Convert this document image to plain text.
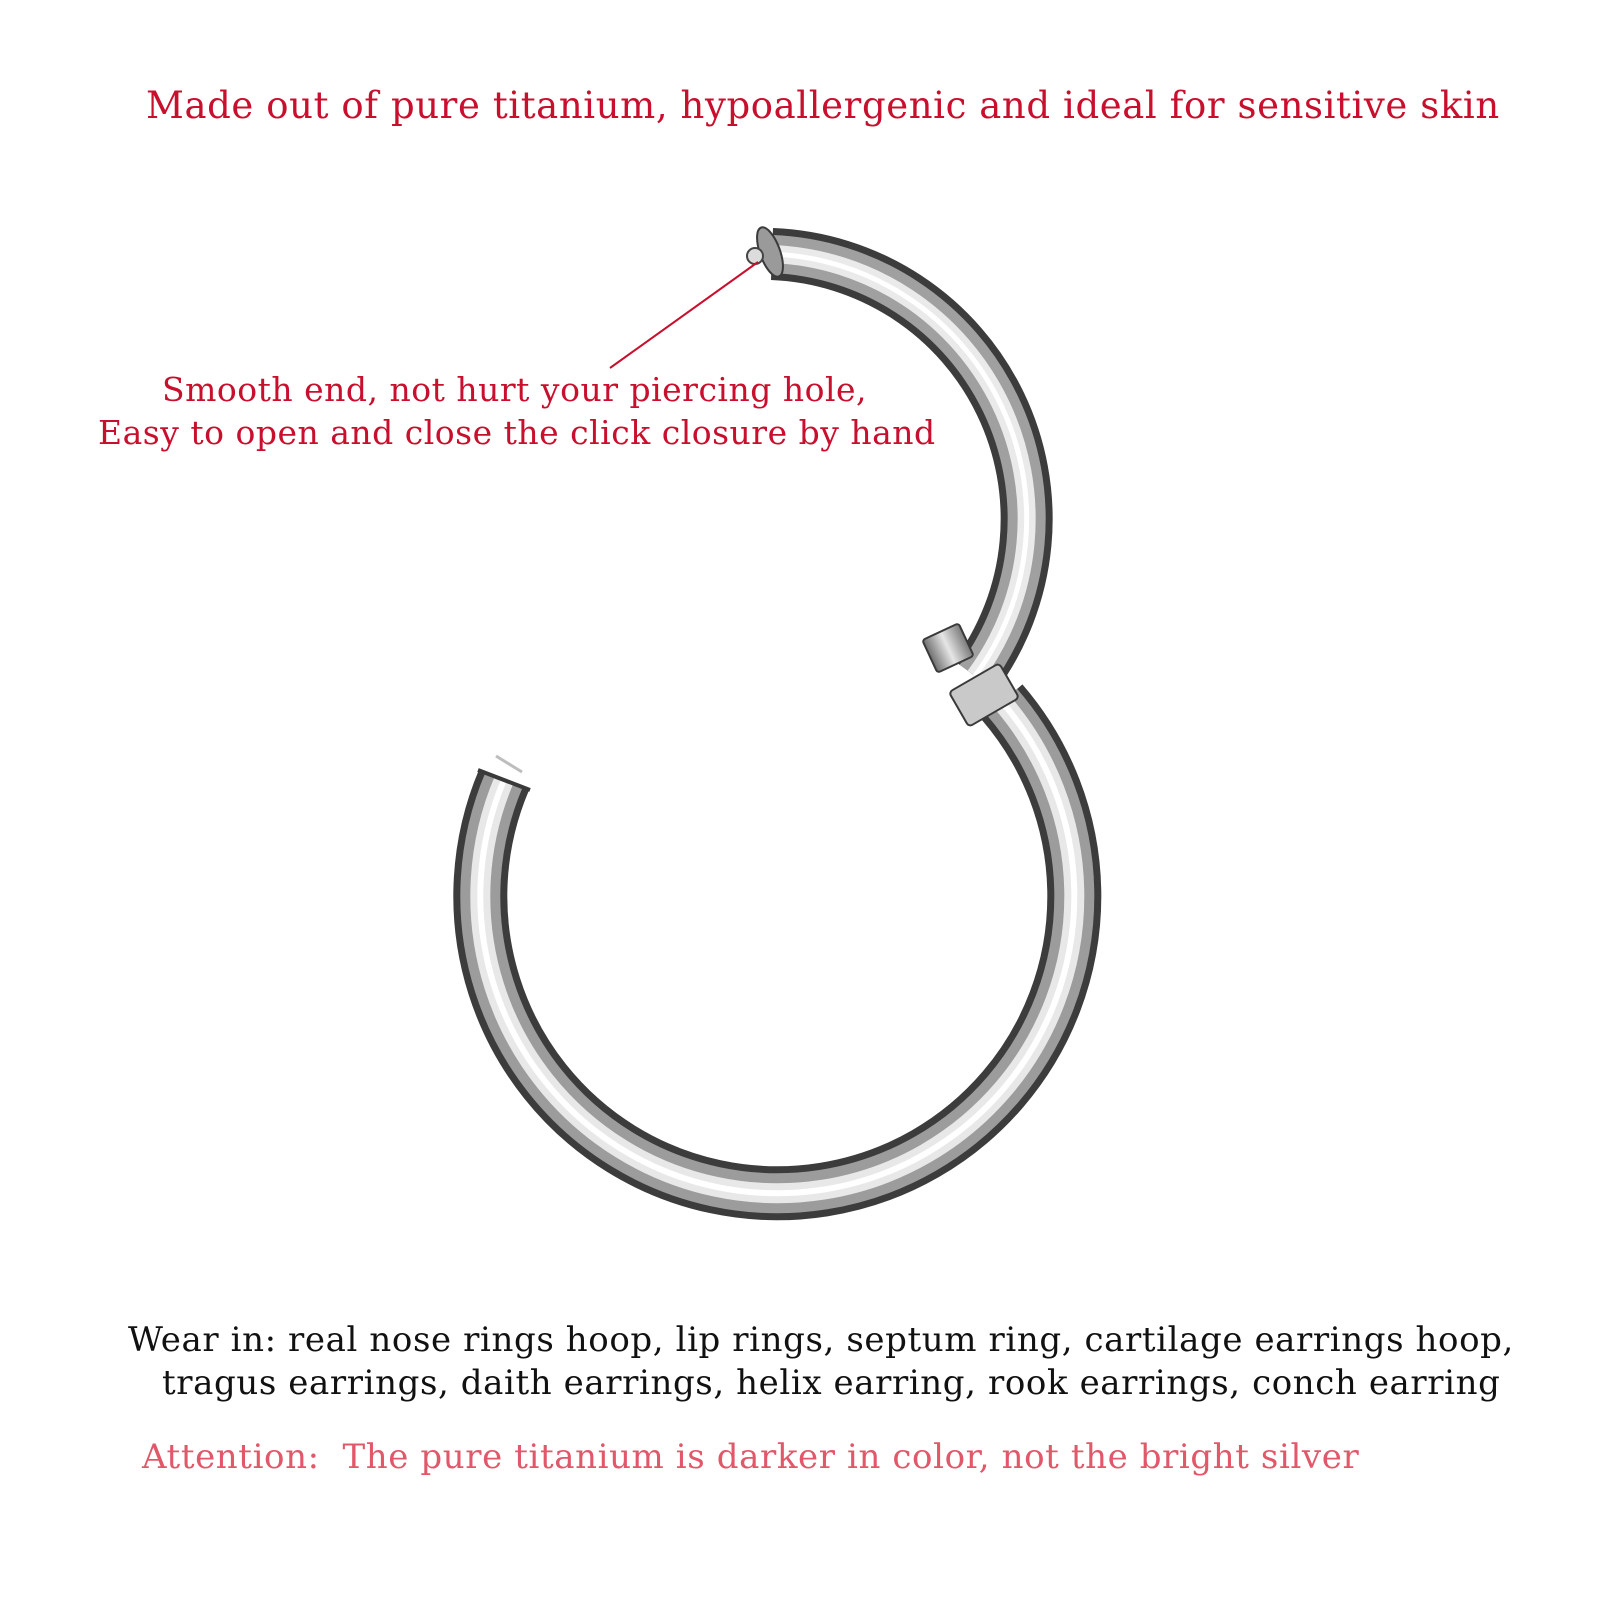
Made out of pure titanium, hypoallergenic and ideal for sensitive skin

Smooth end, not hurt your piercing hole,

Easy to open and close the click closure by hand

Wear in: real nose rings hoop, lip rings, septum ring, cartilage earrings hoop,

tragus earrings, daith earrings, helix earring, rook earrings, conch earring

Attention:  The pure titanium is darker in color, not the bright silver
